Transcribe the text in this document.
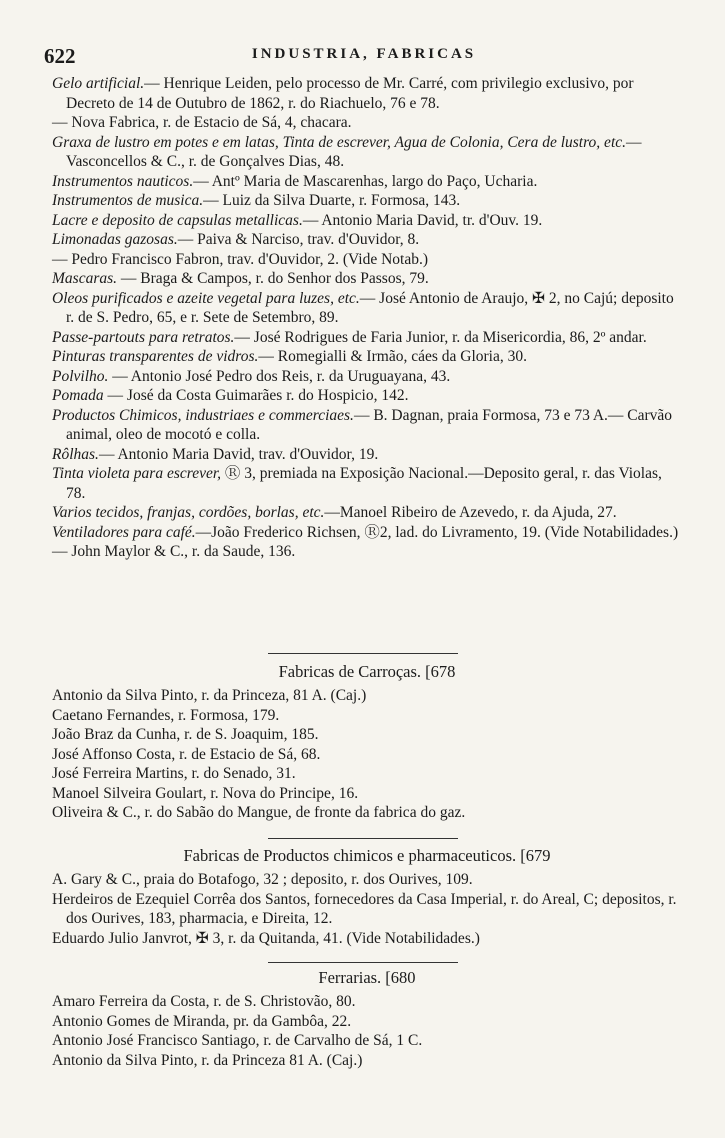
622	INDUSTRIA, FABRICAS

Gelo artificial.— Henrique Leiden, pelo processo de Mr. Carré, com privilegio exclusivo, por Decreto de 14 de Outubro de 1862, r. do Riachuelo, 76 e 78.

— Nova Fabrica, r. de Estacio de Sá, 4, chacara.

Graxa de lustro em potes e em latas, Tinta de escrever, Agua de Colonia, Cera de lustro, etc.— Vasconcellos & C., r. de Gonçalves Dias, 48.

Instrumentos nauticos.— Antº Maria de Mascarenhas, largo do Paço, Ucharia.

Instrumentos de musica.— Luiz da Silva Duarte, r. Formosa, 143.

Lacre e deposito de capsulas metallicas.— Antonio Maria David, tr. d'Ouv. 19.

Limonadas gazosas.— Paiva & Narciso, trav. d'Ouvidor, 8.

— Pedro Francisco Fabron, trav. d'Ouvidor, 2. (Vide Notab.)

Mascaras. — Braga & Campos, r. do Senhor dos Passos, 79.

Oleos purificados e azeite vegetal para luzes, etc.— José Antonio de Araujo, ✠ 2, no Cajú; deposito r. de S. Pedro, 65, e r. Sete de Setembro, 89.

Passe-partouts para retratos.— José Rodrigues de Faria Junior, r. da Misericordia, 86, 2º andar.

Pinturas transparentes de vidros.— Romegialli & Irmão, cáes da Gloria, 30.

Polvilho. — Antonio José Pedro dos Reis, r. da Uruguayana, 43.

Pomada — José da Costa Guimarães r. do Hospicio, 142.

Productos Chimicos, industriaes e commerciaes.— B. Dagnan, praia Formosa, 73 e 73 A.— Carvão animal, oleo de mocotó e colla.

Rôlhas.— Antonio Maria David, trav. d'Ouvidor, 19.

Tinta violeta para escrever, Ⓡ 3, premiada na Exposição Nacional.—Deposito geral, r. das Violas, 78.

Varios tecidos, franjas, cordões, borlas, etc.—Manoel Ribeiro de Azevedo, r. da Ajuda, 27.

Ventiladores para café.—João Frederico Richsen, Ⓡ2, lad. do Livramento, 19. (Vide Notabilidades.)

— John Maylor & C., r. da Saude, 136.

Fabricas de Carroças. [678

Antonio da Silva Pinto, r. da Princeza, 81 A. (Caj.)

Caetano Fernandes, r. Formosa, 179.

João Braz da Cunha, r. de S. Joaquim, 185.

José Affonso Costa, r. de Estacio de Sá, 68.

José Ferreira Martins, r. do Senado, 31.

Manoel Silveira Goulart, r. Nova do Principe, 16.

Oliveira & C., r. do Sabão do Mangue, de fronte da fabrica do gaz.

Fabricas de Productos chimicos e pharmaceuticos. [679

A. Gary & C., praia do Botafogo, 32 ; deposito, r. dos Ourives, 109.

Herdeiros de Ezequiel Corrêa dos Santos, fornecedores da Casa Imperial, r. do Areal, C; depositos, r. dos Ourives, 183, pharmacia, e Direita, 12.

Eduardo Julio Janvrot, ✠ 3, r. da Quitanda, 41. (Vide Notabilidades.)

Ferrarias. [680

Amaro Ferreira da Costa, r. de S. Christovão, 80.

Antonio Gomes de Miranda, pr. da Gambôa, 22.

Antonio José Francisco Santiago, r. de Carvalho de Sá, 1 C.

Antonio da Silva Pinto, r. da Princeza 81 A. (Caj.)
